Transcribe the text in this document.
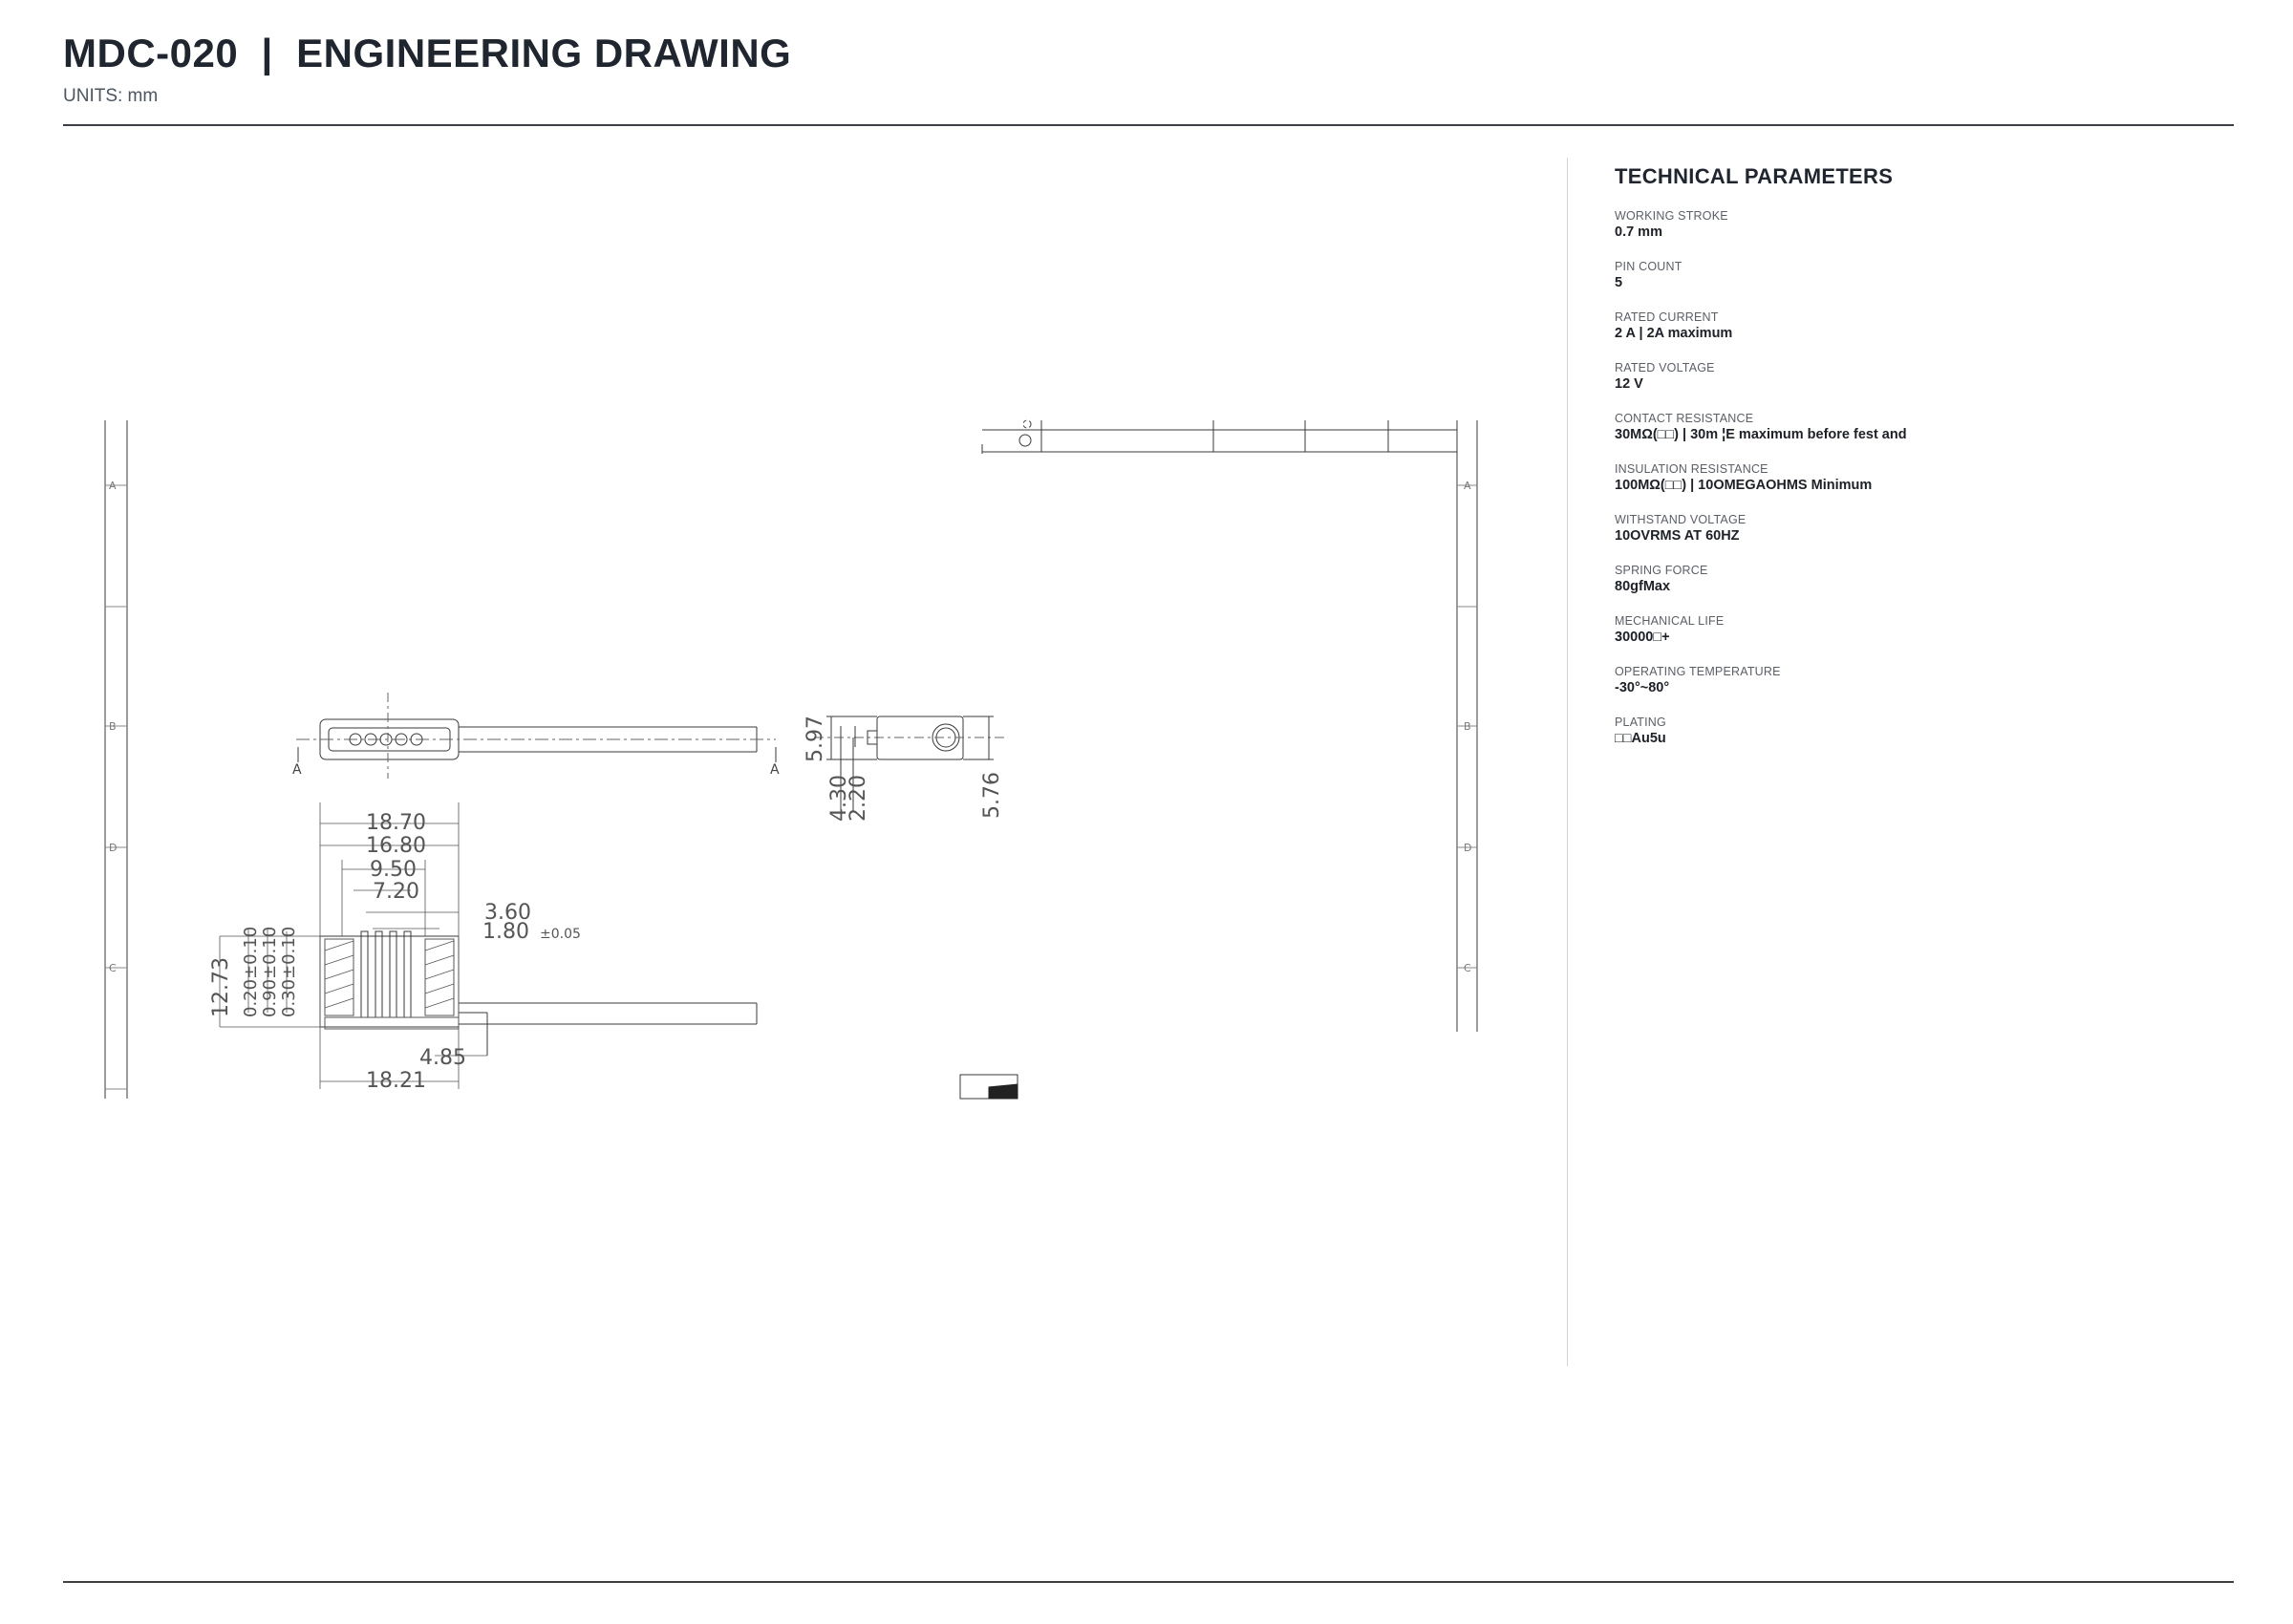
MDC-020  |  ENGINEERING DRAWING
UNITS: mm
A
B
D
C
A
B
D
C
A	A
18.70
16.80
9.50
7.20
3.60
1.80 ±0.05
4.85
18.21
12.73 0.20±0.10 0.90±0.10 0.30±0.10
5.97
4.30
2.20	5.76
TECHNICAL PARAMETERS
WORKING STROKE
0.7 mm
PIN COUNT
5
RATED CURRENT
2 A | 2A maximum
RATED VOLTAGE
12 V
CONTACT RESISTANCE
30MΩ(□□) | 30m ¦E maximum before fest and
INSULATION RESISTANCE
100MΩ(□□) | 10OMEGAOHMS Minimum
WITHSTAND VOLTAGE
10OVRMS AT 60HZ
SPRING FORCE
80gfMax
MECHANICAL LIFE
30000□+
OPERATING TEMPERATURE
-30°~80°
PLATING
□□Au5u
